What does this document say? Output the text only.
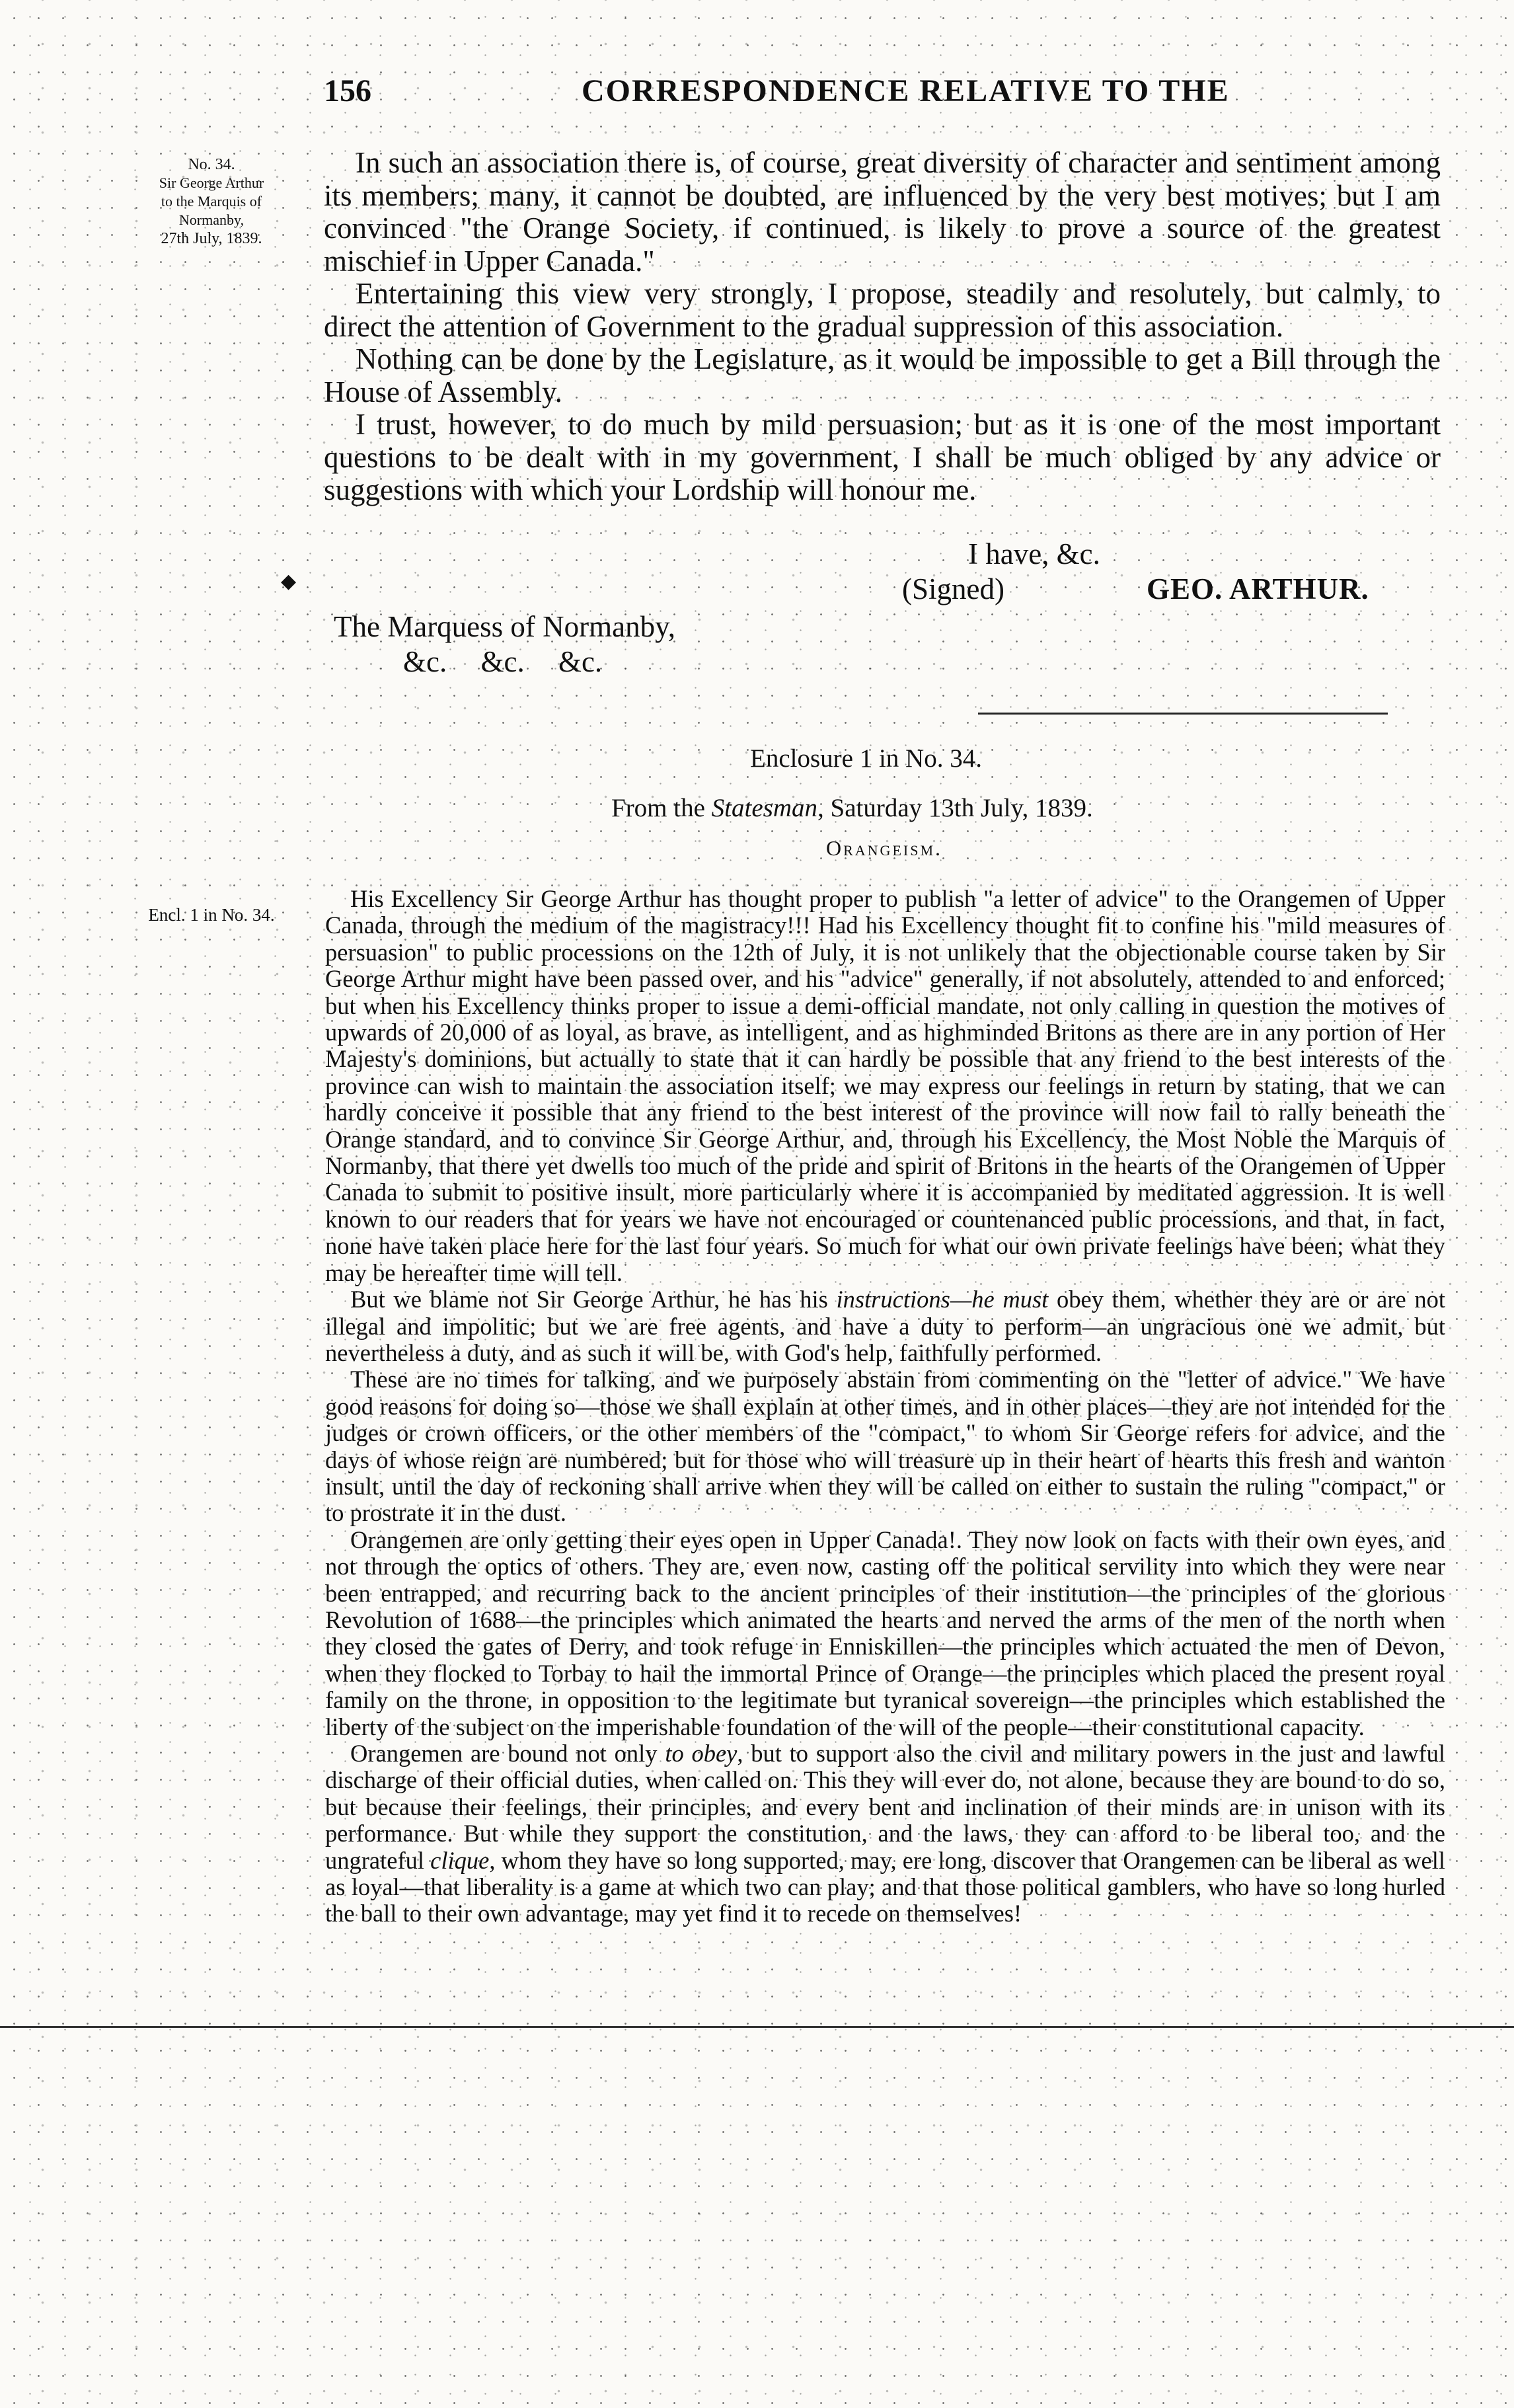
156	CORRESPONDENCE RELATIVE TO THE
No. 34.
Sir George Arthur
to the Marquis of
Normanby,
27th July, 1839.

In such an association there is, of course, great diversity of character and sentiment among its members; many, it cannot be doubted, are influenced by the very best motives; but I am convinced "the Orange Society, if continued, is likely to prove a source of the greatest mischief in Upper Canada."

Entertaining this view very strongly, I propose, steadily and resolutely, but calmly, to direct the attention of Government to the gradual suppression of this association.

Nothing can be done by the Legislature, as it would be impossible to get a Bill through the House of Assembly.

I trust, however, to do much by mild persuasion; but as it is one of the most important questions to be dealt with in my government, I shall be much obliged by any advice or suggestions with which your Lordship will honour me.

I have, &c.
◆	(Signed)	GEO. ARTHUR.
The Marquess of Normanby,
&c. &c. &c.
Enclosure 1 in No. 34.
From the Statesman, Saturday 13th July, 1839.
Orangeism.
Encl. 1 in No. 34.

His Excellency Sir George Arthur has thought proper to publish "a letter of advice" to the Orangemen of Upper Canada, through the medium of the magistracy!!! Had his Excellency thought fit to confine his "mild measures of persuasion" to public processions on the 12th of July, it is not unlikely that the objectionable course taken by Sir George Arthur might have been passed over, and his "advice" generally, if not absolutely, attended to and enforced; but when his Excellency thinks proper to issue a demi-official mandate, not only calling in question the motives of upwards of 20,000 of as loyal, as brave, as intelligent, and as highminded Britons as there are in any portion of Her Majesty's dominions, but actually to state that it can hardly be possible that any friend to the best interests of the province can wish to maintain the association itself; we may express our feelings in return by stating, that we can hardly conceive it possible that any friend to the best interest of the province will now fail to rally beneath the Orange standard, and to convince Sir George Arthur, and, through his Excellency, the Most Noble the Marquis of Normanby, that there yet dwells too much of the pride and spirit of Britons in the hearts of the Orangemen of Upper Canada to submit to positive insult, more particularly where it is accompanied by meditated aggression. It is well known to our readers that for years we have not encouraged or countenanced public processions, and that, in fact, none have taken place here for the last four years. So much for what our own private feelings have been; what they may be hereafter time will tell.

But we blame not Sir George Arthur, he has his instructions—he must obey them, whether they are or are not illegal and impolitic; but we are free agents, and have a duty to perform—an ungracious one we admit, but nevertheless a duty, and as such it will be, with God's help, faithfully performed.

These are no times for talking, and we purposely abstain from commenting on the "letter of advice." We have good reasons for doing so—those we shall explain at other times, and in other places—they are not intended for the judges or crown officers, or the other members of the "compact," to whom Sir George refers for advice, and the days of whose reign are numbered; but for those who will treasure up in their heart of hearts this fresh and wanton insult, until the day of reckoning shall arrive when they will be called on either to sustain the ruling "compact," or to prostrate it in the dust.

Orangemen are only getting their eyes open in Upper Canada!. They now look on facts with their own eyes, and not through the optics of others. They are, even now, casting off the political servility into which they were near been entrapped, and recurring back to the ancient principles of their institution—the principles of the glorious Revolution of 1688—the principles which animated the hearts and nerved the arms of the men of the north when they closed the gates of Derry, and took refuge in Enniskillen—the principles which actuated the men of Devon, when they flocked to Torbay to hail the immortal Prince of Orange—the principles which placed the present royal family on the throne, in opposition to the legitimate but tyranical sovereign—the principles which established the liberty of the subject on the imperishable foundation of the will of the people—their constitutional capacity.

Orangemen are bound not only to obey, but to support also the civil and military powers in the just and lawful discharge of their official duties, when called on. This they will ever do, not alone, because they are bound to do so, but because their feelings, their principles, and every bent and inclination of their minds are in unison with its performance. But while they support the constitution, and the laws, they can afford to be liberal too, and the ungrateful clique, whom they have so long supported, may, ere long, discover that Orangemen can be liberal as well as loyal—that liberality is a game at which two can play; and that those political gamblers, who have so long hurled the ball to their own advantage, may yet find it to recede on themselves!
